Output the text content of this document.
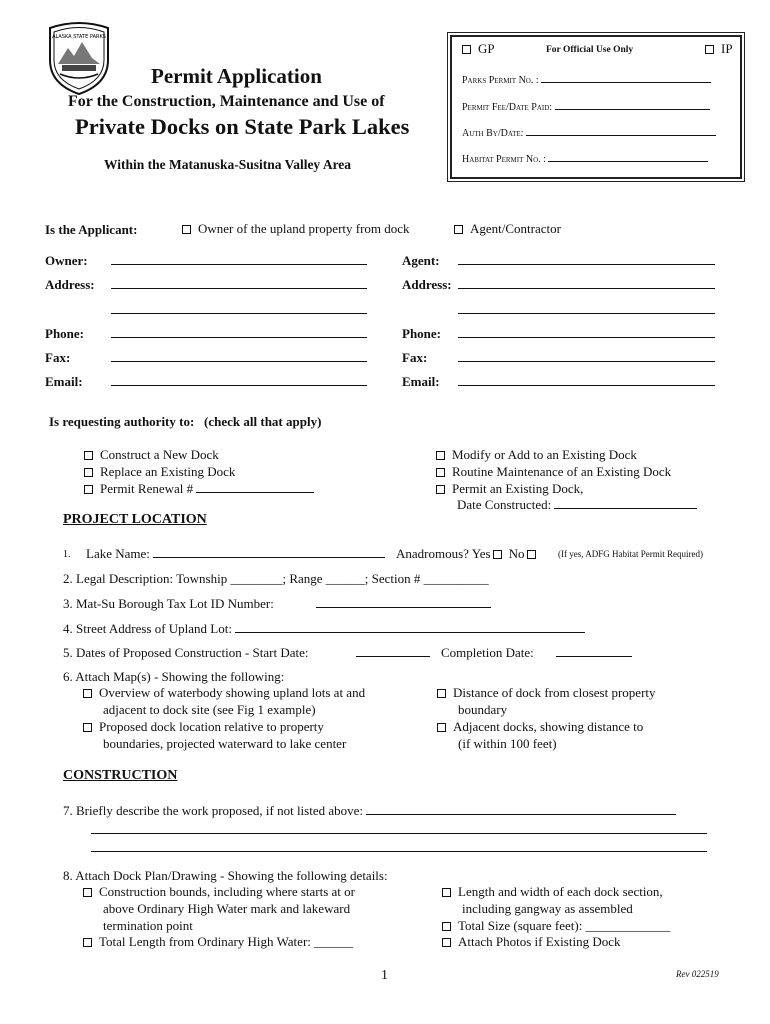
ALASKA STATE PARKS
Permit Application
For the Construction, Maintenance and Use of
Private Docks on State Park Lakes
Within the Matanuska-Susitna Valley Area
GP	For Official Use Only	IP
Parks Permit No. :
Permit Fee/Date Paid:
Auth By/Date:
Habitat Permit No. :
Is the Applicant:	Owner of the upland property from dock	Agent/Contractor
Owner:
Address:
Phone:
Fax:
Email:
Agent:
Address:
Phone:
Fax:
Email:
Is requesting authority to:   (check all that apply)
Construct a New Dock
Replace an Existing Dock
Permit Renewal #
Modify or Add to an Existing Dock
Routine Maintenance of an Existing Dock
Permit an Existing Dock,
Date Constructed:
PROJECT LOCATION
1. Lake Name:	Anadromous? Yes No	(If yes, ADFG Habitat Permit Required)
2. Legal Description: Township ________; Range ______; Section # __________
3. Mat-Su Borough Tax Lot ID Number:
4. Street Address of Upland Lot:
5. Dates of Proposed Construction - Start Date:	Completion Date:
6. Attach Map(s) - Showing the following:
Overview of waterbody showing upland lots at and
adjacent to dock site (see Fig 1 example)
Proposed dock location relative to property
boundaries, projected waterward to lake center
Distance of dock from closest property
boundary
Adjacent docks, showing distance to
(if within 100 feet)
CONSTRUCTION
7. Briefly describe the work proposed, if not listed above:
8. Attach Dock Plan/Drawing - Showing the following details:
Construction bounds, including where starts at or
above Ordinary High Water mark and lakeward
termination point
Total Length from Ordinary High Water: ______
Length and width of each dock section,
including gangway as assembled
Total Size (square feet): _____________
Attach Photos if Existing Dock
1	Rev 022519
